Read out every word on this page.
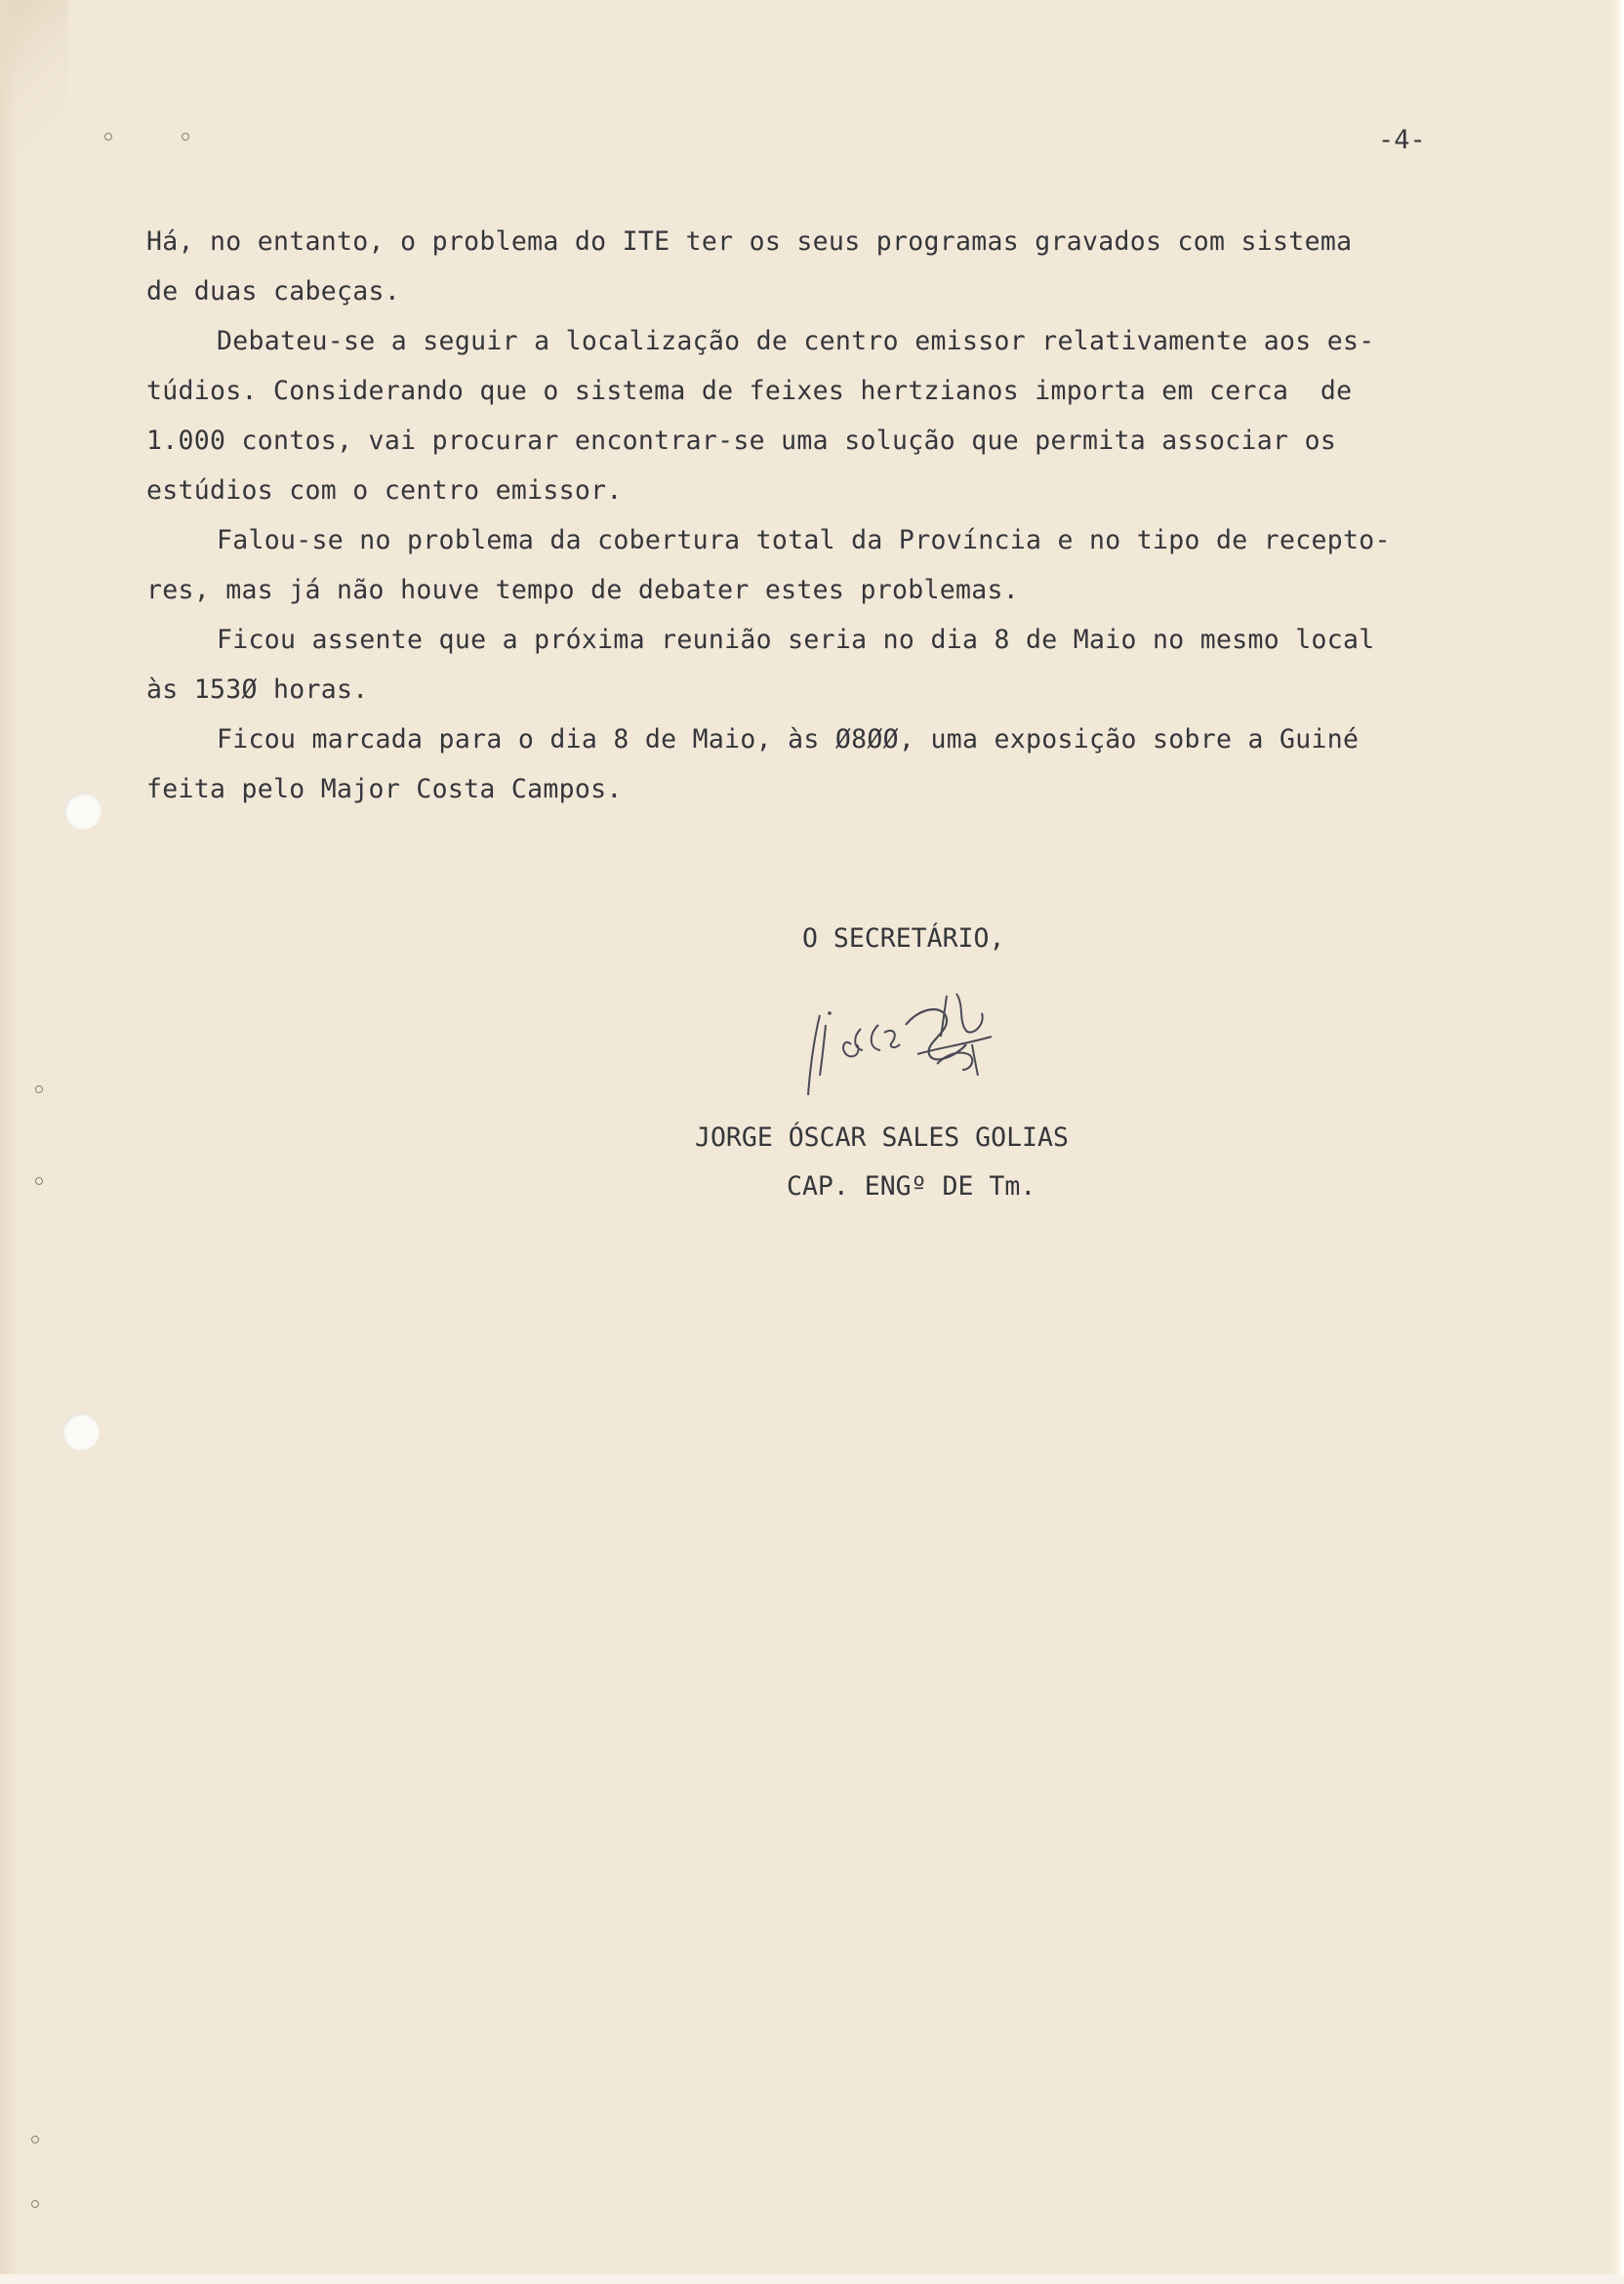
-4-
Há, no entanto, o problema do ITE ter os seus programas gravados com sistema
de duas cabeças.
Debateu-se a seguir a localização de centro emissor relativamente aos es-
túdios. Considerando que o sistema de feixes hertzianos importa em cerca  de
1.000 contos, vai procurar encontrar-se uma solução que permita associar os
estúdios com o centro emissor.
Falou-se no problema da cobertura total da Província e no tipo de recepto-
res, mas já não houve tempo de debater estes problemas.
Ficou assente que a próxima reunião seria no dia 8 de Maio no mesmo local
às 153Ø horas.
Ficou marcada para o dia 8 de Maio, às Ø8ØØ, uma exposição sobre a Guiné
feita pelo Major Costa Campos.
O SECRETÁRIO,
JORGE ÓSCAR SALES GOLIAS
CAP. ENGº DE Tm.
